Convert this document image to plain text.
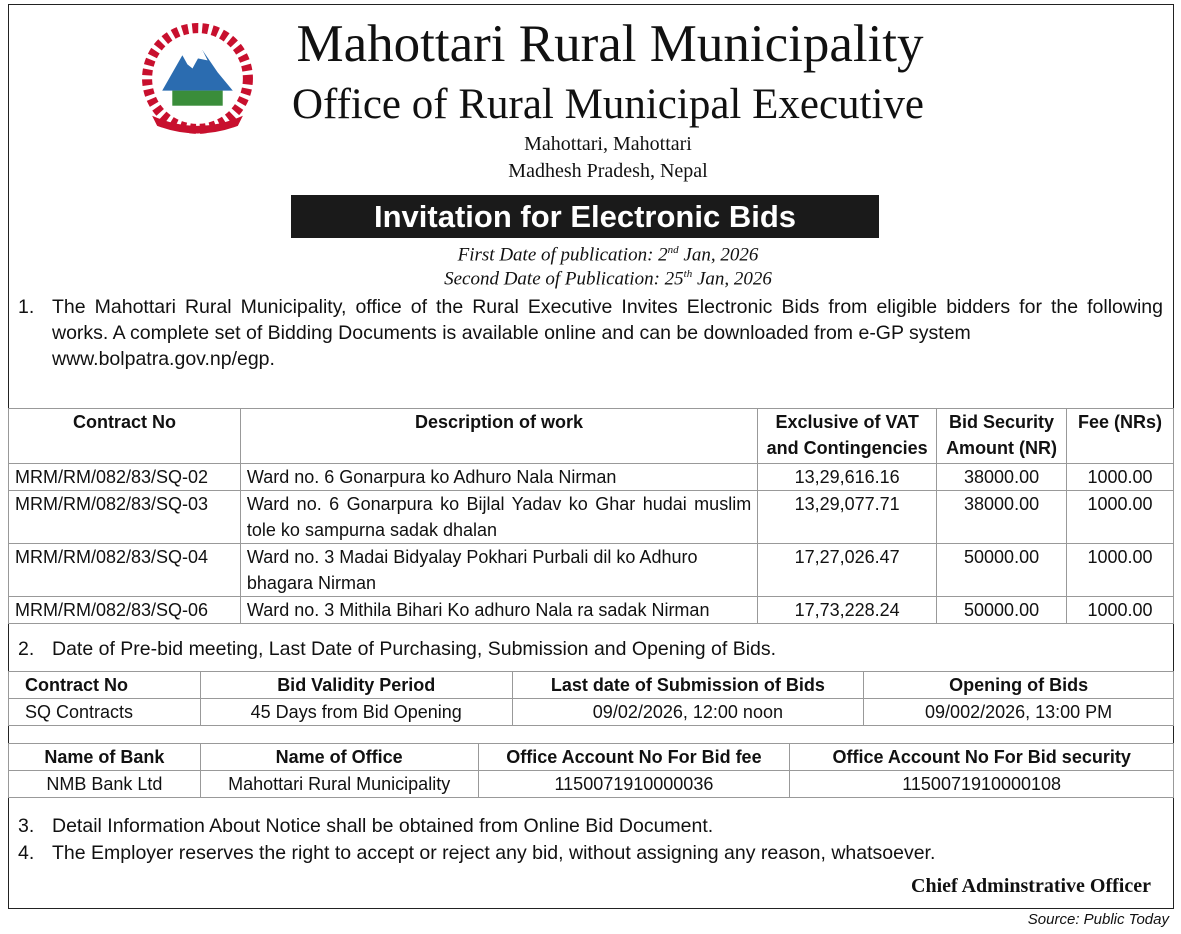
Mahottari Rural Municipality
Office of Rural Municipal Executive
Mahottari, Mahottari
Madhesh Pradesh, Nepal
Invitation for Electronic Bids
First Date of publication: 2nd Jan, 2026
Second Date of Publication: 25th Jan, 2026
1. The Mahottari Rural Municipality, office of the Rural Executive Invites Electronic Bids from eligible bidders for the following works. A complete set of Bidding Documents is available online and can be downloaded from e-GP system
www.bolpatra.gov.np/egp.
Contract No	Description of work	Exclusive of VAT and Contingencies	Bid Security Amount (NR)	Fee (NRs)
MRM/RM/082/83/SQ-02	Ward no. 6 Gonarpura ko Adhuro Nala Nirman	13,29,616.16	38000.00	1000.00
MRM/RM/082/83/SQ-03	Ward no. 6 Gonarpura ko Bijlal Yadav ko Ghar hudai muslim tole ko sampurna sadak dhalan	13,29,077.71	38000.00	1000.00
MRM/RM/082/83/SQ-04	Ward no. 3 Madai Bidyalay Pokhari Purbali dil ko Adhuro bhagara Nirman	17,27,026.47	50000.00	1000.00
MRM/RM/082/83/SQ-06	Ward no. 3 Mithila Bihari Ko adhuro Nala ra sadak Nirman	17,73,228.24	50000.00	1000.00
2. Date of Pre-bid meeting, Last Date of Purchasing, Submission and Opening of Bids.
Contract No	Bid Validity Period	Last date of Submission of Bids	Opening of Bids
SQ Contracts	45 Days from Bid Opening	09/02/2026, 12:00 noon	09/002/2026, 13:00 PM
Name of Bank	Name of Office	Office Account No For Bid fee	Office Account No For Bid security
NMB Bank Ltd	Mahottari Rural Municipality	1150071910000036	1150071910000108
3. Detail Information About Notice shall be obtained from Online Bid Document.
4. The Employer reserves the right to accept or reject any bid, without assigning any reason, whatsoever.
Chief Adminstrative Officer
Source: Public Today
